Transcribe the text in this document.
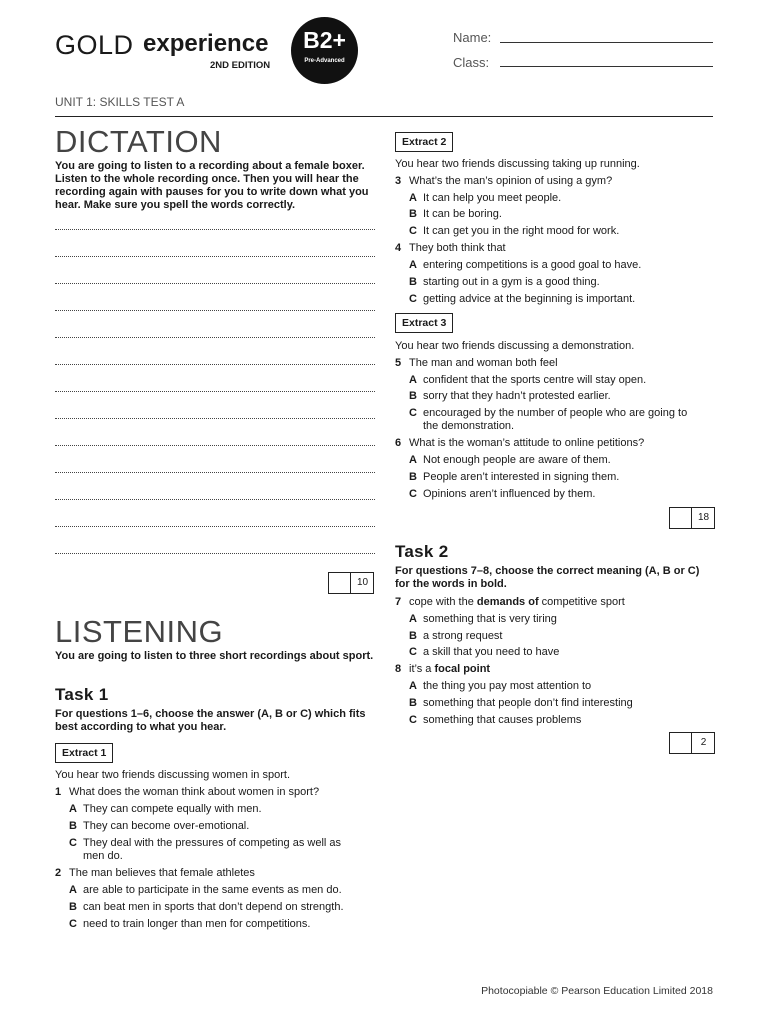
GOLD experience
2ND EDITION
B2+
Pre-Advanced
Name:
Class:
UNIT 1: SKILLS TEST A
DICTATION
You are going to listen to a recording about a female boxer. Listen to the whole recording once. Then you will hear the recording again with pauses for you to write down what you hear. Make sure you spell the words correctly.
10
LISTENING
You are going to listen to three short recordings about sport.
Task 1
For questions 1–6, choose the answer (A, B or C) which fits best according to what you hear.
Extract 1
You hear two friends discussing women in sport.
1 What does the woman think about women in sport?
A They can compete equally with men.
B They can become over-emotional.
C They deal with the pressures of competing as well as
men do.
2 The man believes that female athletes
A are able to participate in the same events as men do.
B can beat men in sports that don’t depend on strength.
C need to train longer than men for competitions.
Extract 2
You hear two friends discussing taking up running.
3 What’s the man’s opinion of using a gym?
A It can help you meet people.
B It can be boring.
C It can get you in the right mood for work.
4 They both think that
A entering competitions is a good goal to have.
B starting out in a gym is a good thing.
C getting advice at the beginning is important.
Extract 3
You hear two friends discussing a demonstration.
5 The man and woman both feel
A confident that the sports centre will stay open.
B sorry that they hadn’t protested earlier.
C encouraged by the number of people who are going to
the demonstration.
6 What is the woman’s attitude to online petitions?
A Not enough people are aware of them.
B People aren’t interested in signing them.
C Opinions aren’t influenced by them.
18
Task 2
For questions 7–8, choose the correct meaning (A, B or C) for the words in bold.
7 cope with the demands of competitive sport
A something that is very tiring
B a strong request
C a skill that you need to have
8 it’s a focal point
A the thing you pay most attention to
B something that people don’t find interesting
C something that causes problems
2
Photocopiable © Pearson Education Limited 2018
